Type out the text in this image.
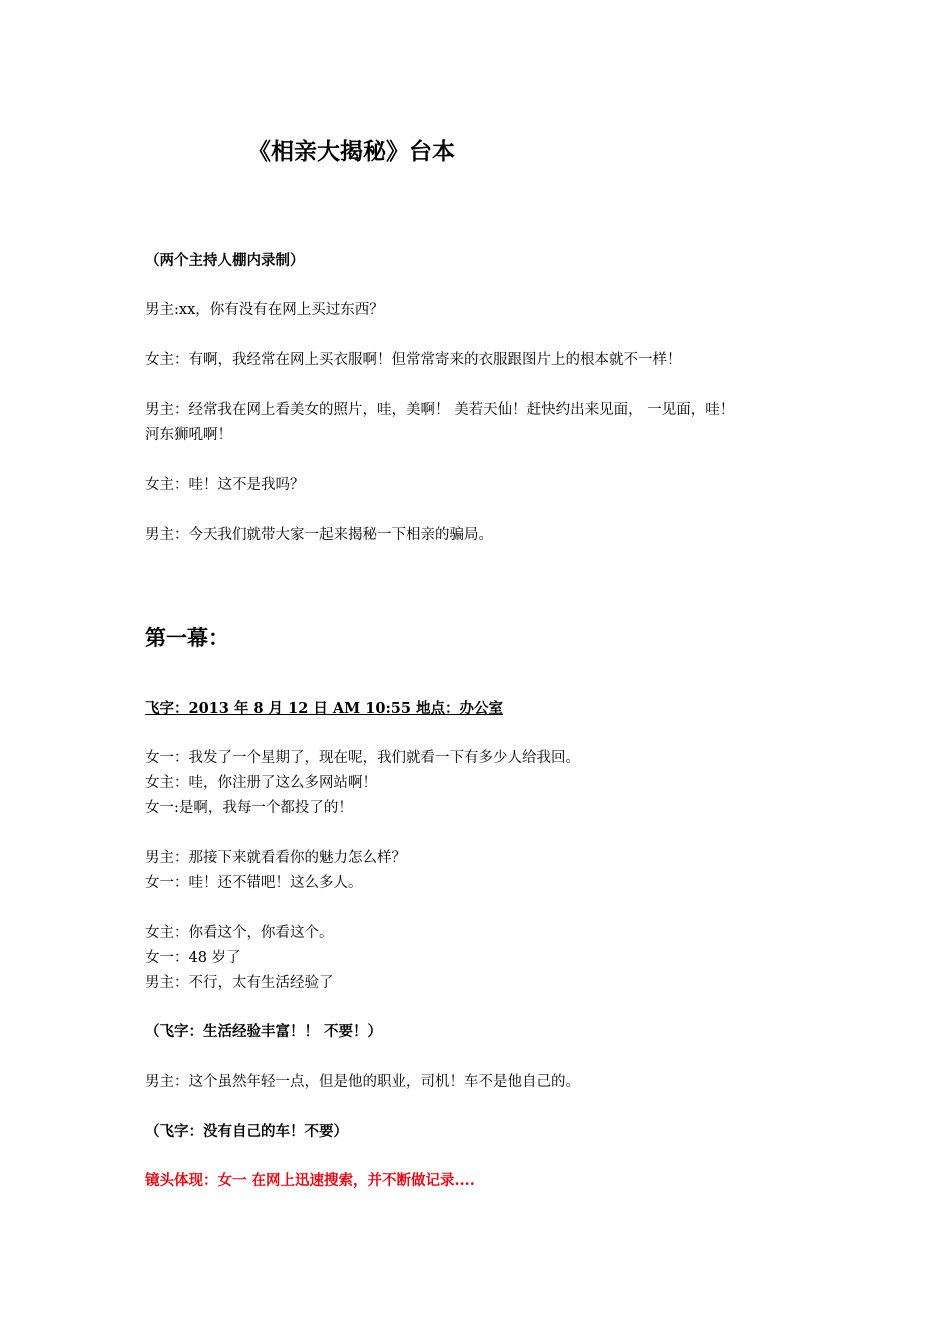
《相亲大揭秘》台本
（两个主持人棚内录制）
男主:xx，你有没有在网上买过东西？
女主：有啊，我经常在网上买衣服啊！但常常寄来的衣服跟图片上的根本就不一样！
男主：经常我在网上看美女的照片，哇，美啊！ 美若天仙！赶快约出来见面， 一见面，哇！
河东狮吼啊！
女主：哇！这不是我吗？
男主：今天我们就带大家一起来揭秘一下相亲的骗局。
第一幕：
飞字：2013 年 8 月 12 日 AM 10:55 地点：办公室
女一：我发了一个星期了，现在呢，我们就看一下有多少人给我回。
女主：哇，你注册了这么多网站啊！
女一:是啊，我每一个都投了的！
男主：那接下来就看看你的魅力怎么样？
女一：哇！还不错吧！这么多人。
女主：你看这个，你看这个。
女一：48 岁了
男主：不行，太有生活经验了
（飞字：生活经验丰富！！ 不要！）
男主：这个虽然年轻一点，但是他的职业，司机！车不是他自己的。
（飞字：没有自己的车！不要）
镜头体现：女一 在网上迅速搜索，并不断做记录....
